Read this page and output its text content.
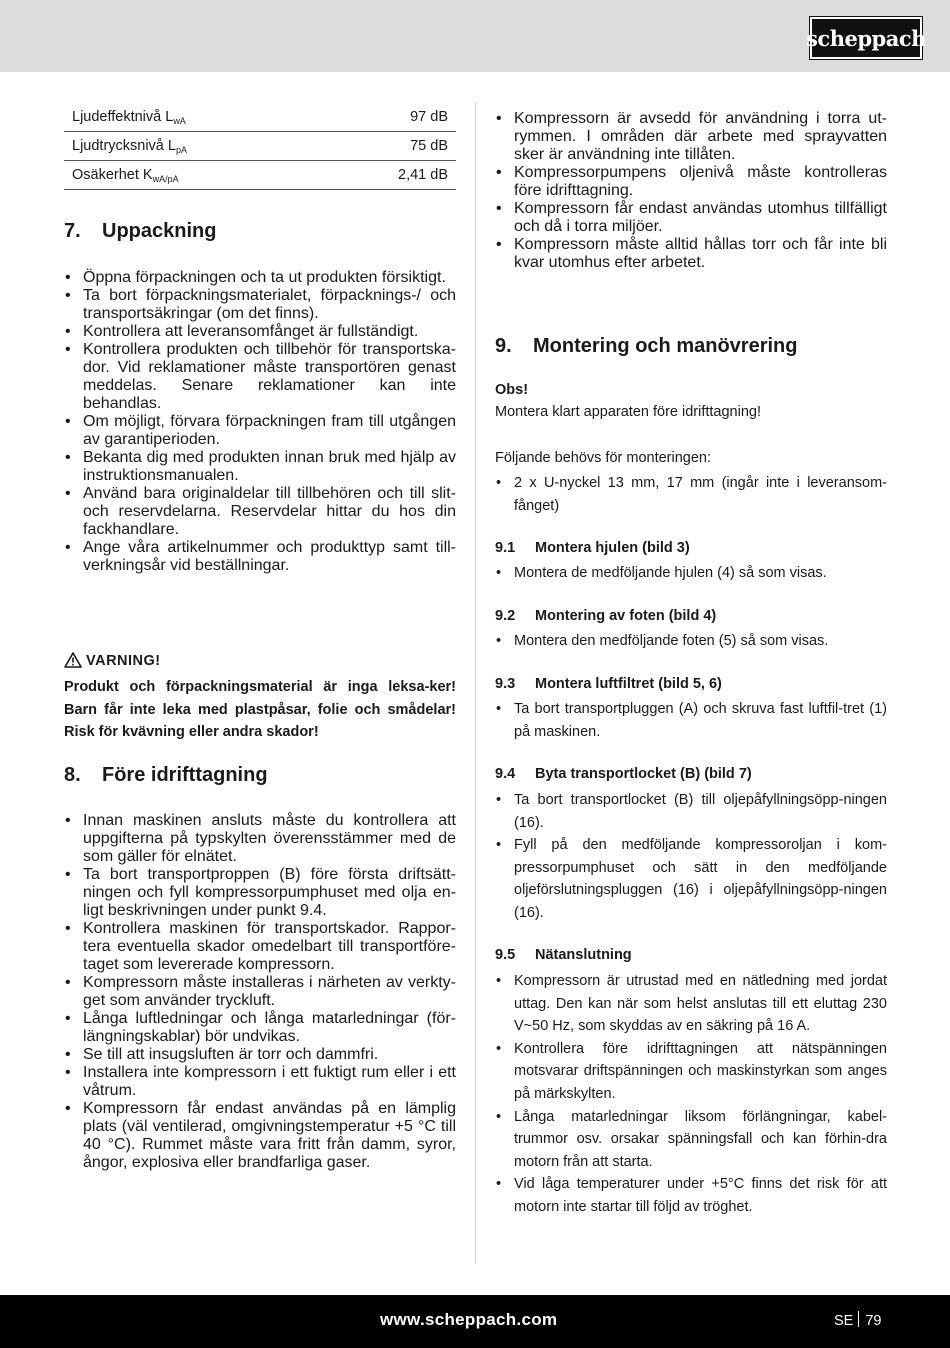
scheppach
Ljudeffektnivå $L_{wA}$	97 dB
Ljudtrycksnivå $L_{pA}$	75 dB
Osäkerhet $K_{wA/pA}$	2,41 dB
7. Uppackning
• Öppna förpackningen och ta ut produkten försiktigt.
• Ta bort förpackningsmaterialet, förpacknings-/ och transportsäkringar (om det finns).
• Kontrollera att leveransomfånget är fullständigt.
• Kontrollera produkten och tillbehör för transportska-dor. Vid reklamationer måste transportören genast meddelas. Senare reklamationer kan inte behandlas.
• Om möjligt, förvara förpackningen fram till utgången av garantiperioden.
• Bekanta dig med produkten innan bruk med hjälp av instruktionsmanualen.
• Använd bara originaldelar till tillbehören och till slit-och reservdelarna. Reservdelar hittar du hos din fackhandlare.
• Ange våra artikelnummer och produkttyp samt till-verkningsår vid beställningar.
VARNING!
Produkt och förpackningsmaterial är inga leksa-ker! Barn får inte leka med plastpåsar, folie och smådelar! Risk för kvävning eller andra skador!
8. Före idrifttagning
• Innan maskinen ansluts måste du kontrollera att uppgifterna på typskylten överensstämmer med de som gäller för elnätet.
• Ta bort transportproppen (B) före första driftsätt-ningen och fyll kompressorpumphuset med olja en-ligt beskrivningen under punkt 9.4.
• Kontrollera maskinen för transportskador. Rappor-tera eventuella skador omedelbart till transportföre-taget som levererade kompressorn.
• Kompressorn måste installeras i närheten av verkty-get som använder tryckluft.
• Långa luftledningar och långa matarledningar (för-längningskablar) bör undvikas.
• Se till att insugsluften är torr och dammfri.
• Installera inte kompressorn i ett fuktigt rum eller i ett våtrum.
• Kompressorn får endast användas på en lämplig plats (väl ventilerad, omgivningstemperatur +5 °C till 40 °C). Rummet måste vara fritt från damm, syror, ångor, explosiva eller brandfarliga gaser.
• Kompressorn är avsedd för användning i torra ut-rymmen. I områden där arbete med sprayvatten sker är användning inte tillåten.
• Kompressorpumpens oljenivå måste kontrolleras före idrifttagning.
• Kompressorn får endast användas utomhus tillfälligt och då i torra miljöer.
• Kompressorn måste alltid hållas torr och får inte bli kvar utomhus efter arbetet.
9. Montering och manövrering
Obs!
Montera klart apparaten före idrifttagning!
Följande behövs för monteringen:
• 2 x U-nyckel 13 mm, 17 mm (ingår inte i leveransom-fånget)
9.1 Montera hjulen (bild 3)
• Montera de medföljande hjulen (4) så som visas.
9.2 Montering av foten (bild 4)
• Montera den medföljande foten (5) så som visas.
9.3 Montera luftfiltret (bild 5, 6)
• Ta bort transportpluggen (A) och skruva fast luftfil-tret (1) på maskinen.
9.4 Byta transportlocket (B) (bild 7)
• Ta bort transportlocket (B) till oljepåfyllningsöpp-ningen (16).
• Fyll på den medföljande kompressoroljan i kom-pressorpumphuset och sätt in den medföljande oljeförslutningspluggen (16) i oljepåfyllningsöpp-ningen (16).
9.5 Nätanslutning
• Kompressorn är utrustad med en nätledning med jordat uttag. Den kan när som helst anslutas till ett eluttag 230 V~50 Hz, som skyddas av en säkring på 16 A.
• Kontrollera före idrifttagningen att nätspänningen motsvarar driftspänningen och maskinstyrkan som anges på märkskylten.
• Långa matarledningar liksom förlängningar, kabel-trummor osv. orsakar spänningsfall och kan förhin-dra motorn från att starta.
• Vid låga temperaturer under +5°C finns det risk för att motorn inte startar till följd av tröghet.
www.scheppach.com	SE 79
